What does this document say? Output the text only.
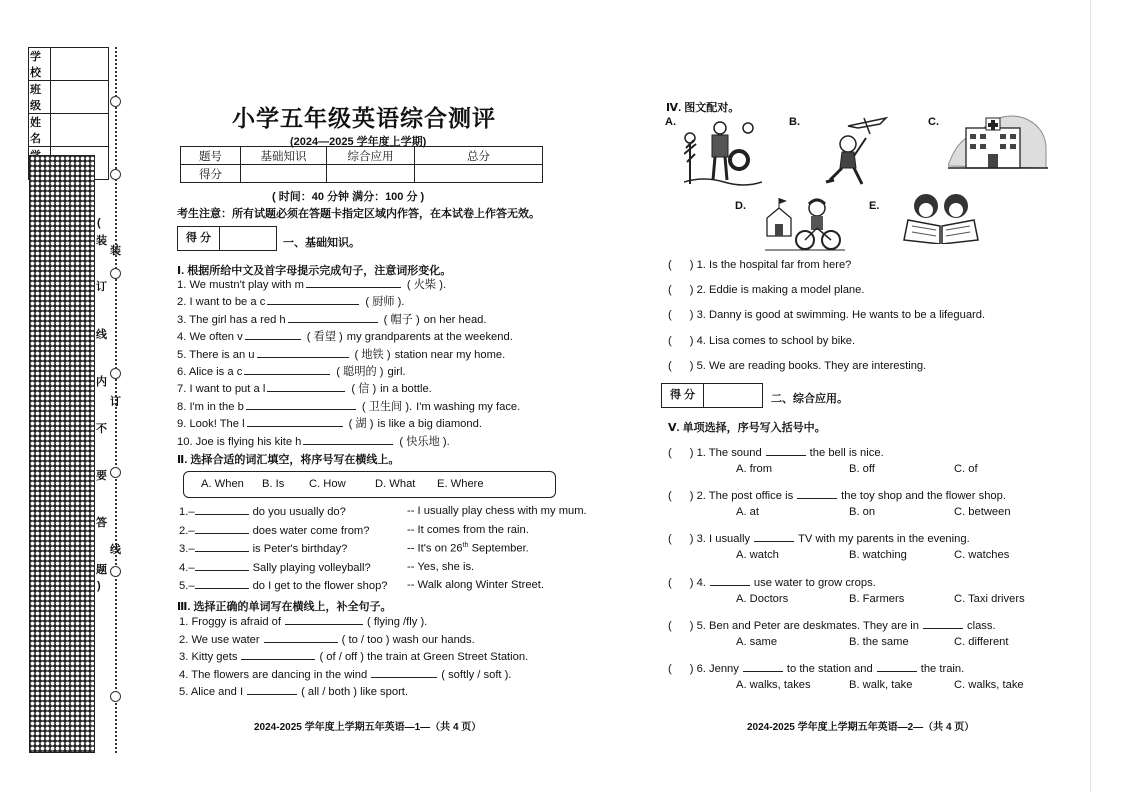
学校	
班级	
姓名	

(
装
订
线
内
不
要
答
题
)
装
订
线
小学五年级英语综合测评
(2024—2025 学年度上学期)
题号	基础知识	综合应用	总分
得分			
( 时间：40 分钟 满分：100 分 )
考生注意：所有试题必须在答题卡指定区域内作答，在本试卷上作答无效。
得 分	一、基础知识。
Ⅰ. 根据所给中文及首字母提示完成句子，注意词形变化。
1. We mustn't play with m	( 火柴 ).
2. I want to be a c	( 厨师 ).
3. The girl has a red h	( 帽子 ) on her head.
4. We often v	( 看望 ) my grandparents at the weekend.
5. There is an u	( 地铁 ) station near my home.
6. Alice is a c	( 聪明的 ) girl.
7. I want to put a l	( 信 ) in a bottle.
8. I'm in the b	( 卫生间 ). I'm washing my face.
9. Look! The l	( 湖 ) is like a big diamond.
10. Joe is flying his kite h	( 快乐地 ).
Ⅱ. 选择合适的词汇填空，将序号写在横线上。
A. When B. Is C. How	D. What E. Where
1.–	do you usually do?	-- I usually play chess with my mum.
2.–	does water come from?	-- It comes from the rain.
3.–	is Peter's birthday?	-- It's on 26th September.
4.–	Sally playing volleyball?	-- Yes, she is.
5.–	do I get to the flower shop? -- Walk along Winter Street.
Ⅲ. 选择正确的单词写在横线上，补全句子。
1. Froggy is afraid of	( flying /fly ).
2. We use water	( to / too ) wash our hands.
3. Kitty gets	( of / off ) the train at Green Street Station.
4. The flowers are dancing in the wind	( softly / soft ).
5. Alice and I	( all / both ) like sport.
2024-2025 学年度上学期五年英语—1—（共 4 页）
Ⅳ. 图文配对。
A.	B.	C.
D.	E.
( ) 1. Is the hospital far from here?
( ) 2. Eddie is making a model plane.
( ) 3. Danny is good at swimming. He wants to be a lifeguard.
( ) 4. Lisa comes to school by bike.
( ) 5. We are reading books. They are interesting.
得 分	二、综合应用。
Ⅴ. 单项选择，序号写入括号中。
( ) 1. The sound	the bell is nice.
A. from	B. off	C. of
( ) 2. The post office is	the toy shop and the flower shop.
A. at	B. on	C. between
( ) 3. I usually	TV with my parents in the evening.
A. watch	B. watching	C. watches
( ) 4.	use water to grow crops.
A. Doctors	B. Farmers	C. Taxi drivers
( ) 5. Ben and Peter are deskmates. They are in	class.
A. same	B. the same	C. different
( ) 6. Jenny	to the station and	the train.
A. walks, takes	B. walk, take	C. walks, take
2024-2025 学年度上学期五年英语—2—（共 4 页）
